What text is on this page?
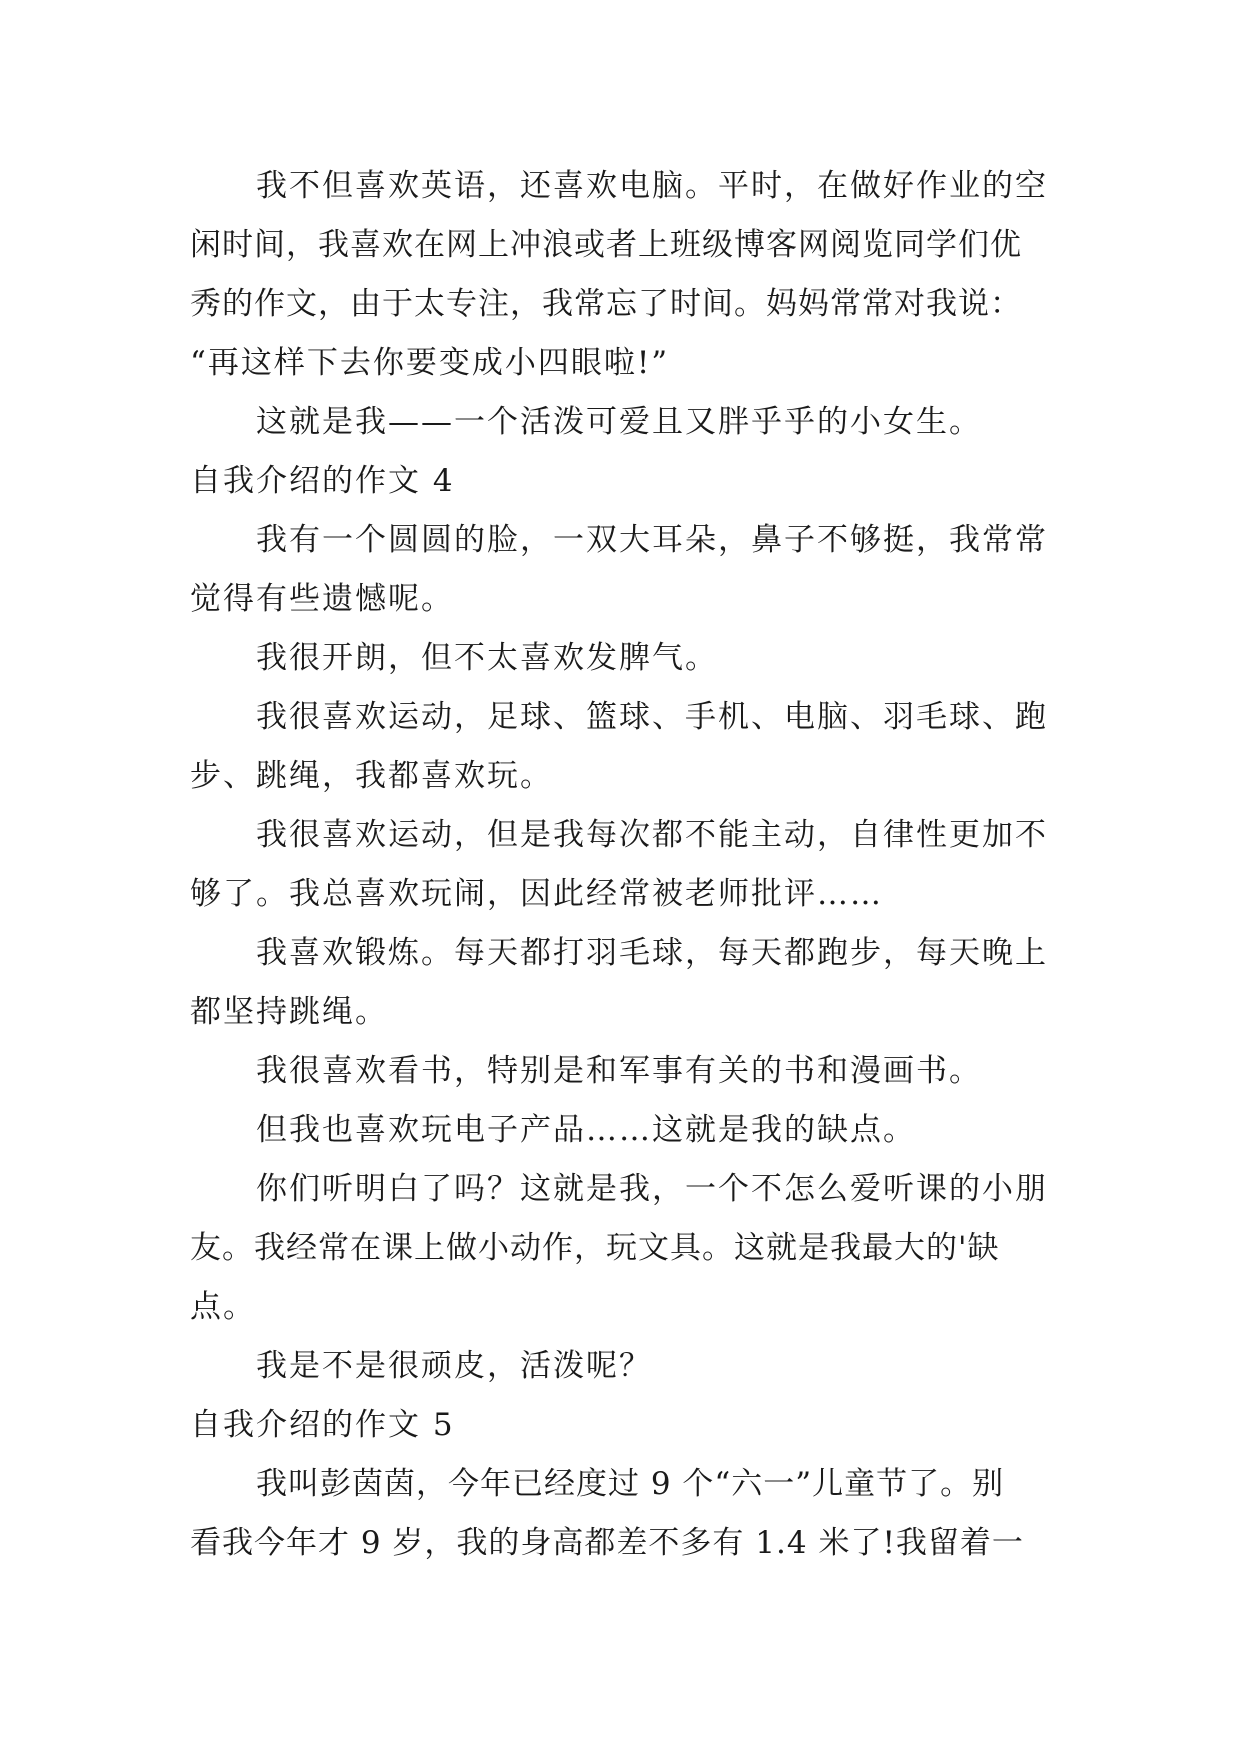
我不但喜欢英语，还喜欢电脑。平时，在做好作业的空
闲时间，我喜欢在网上冲浪或者上班级博客网阅览同学们优
秀的作文，由于太专注，我常忘了时间。妈妈常常对我说：
“再这样下去你要变成小四眼啦!”
这就是我——一个活泼可爱且又胖乎乎的小女生。
自我介绍的作文 4
我有一个圆圆的脸，一双大耳朵，鼻子不够挺，我常常
觉得有些遗憾呢。
我很开朗，但不太喜欢发脾气。
我很喜欢运动，足球、篮球、手机、电脑、羽毛球、跑
步、跳绳，我都喜欢玩。
我很喜欢运动，但是我每次都不能主动，自律性更加不
够了。我总喜欢玩闹，因此经常被老师批评……
我喜欢锻炼。每天都打羽毛球，每天都跑步，每天晚上
都坚持跳绳。
我很喜欢看书，特别是和军事有关的书和漫画书。
但我也喜欢玩电子产品……这就是我的缺点。
你们听明白了吗？这就是我，一个不怎么爱听课的小朋
友。我经常在课上做小动作，玩文具。这就是我最大的'缺
点。
我是不是很顽皮，活泼呢？
自我介绍的作文 5
我叫彭茵茵，今年已经度过 9 个“六一”儿童节了。别
看我今年才 9 岁，我的身高都差不多有 1.4 米了!我留着一
